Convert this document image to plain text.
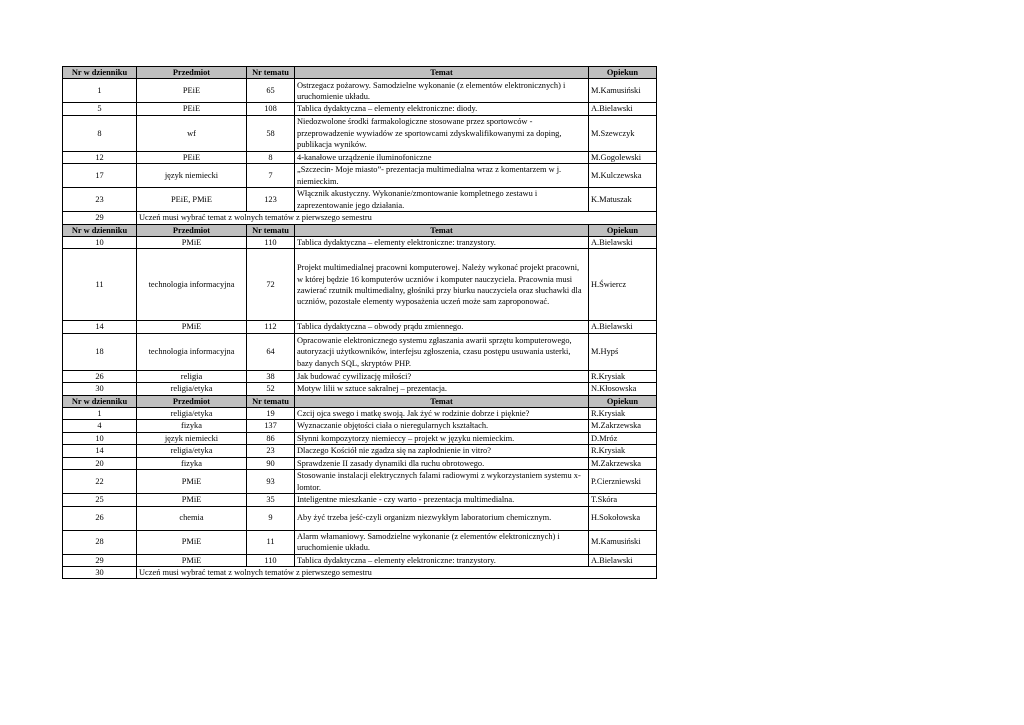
Nr w dzienniku	Przedmiot	Nr tematu	Temat	Opiekun
1	PEiE	65	Ostrzegacz pożarowy. Samodzielne wykonanie (z elementów elektronicznych) i uruchomienie układu.	M.Kamusiński
5	PEiE	108	Tablica dydaktyczna – elementy elektroniczne: diody.	A.Bielawski
8	wf	58	Niedozwolone środki farmakologiczne stosowane przez sportowców - przeprowadzenie wywiadów ze sportowcami zdyskwalifikowanymi za doping, publikacja wyników.	M.Szewczyk
12	PEiE	8	4-kanałowe urządzenie iluminofoniczne	M.Gogolewski
17	język niemiecki	7	„Szczecin- Moje miasto”- prezentacja multimedialna wraz z komentarzem w j. niemieckim.	M.Kulczewska
23	PEiE, PMiE	123	Włącznik akustyczny. Wykonanie/zmontowanie kompletnego zestawu i zaprezentowanie jego działania.	K.Matuszak
29	Uczeń musi wybrać temat z wolnych tematów z pierwszego semestru			
Nr w dzienniku	Przedmiot	Nr tematu	Temat	Opiekun
10	PMiE	110	Tablica dydaktyczna – elementy elektroniczne: tranzystory.	A.Bielawski
11	technologia informacyjna	72	Projekt multimedialnej pracowni komputerowej. Należy wykonać projekt pracowni, w której będzie 16 komputerów uczniów i komputer nauczyciela. Pracownia musi zawierać rzutnik multimedialny, głośniki przy biurku nauczyciela oraz słuchawki dla uczniów, pozostałe elementy wyposażenia uczeń może sam zaproponować.	H.Świercz
14	PMiE	112	Tablica dydaktyczna – obwody prądu zmiennego.	A.Bielawski
18	technologia informacyjna	64	Opracowanie elektronicznego systemu zgłaszania awarii sprzętu komputerowego, autoryzacji użytkowników, interfejsu zgłoszenia, czasu postępu usuwania usterki, bazy danych SQL, skryptów PHP.	M.Hypś
26	religia	38	Jak budować cywilizację miłości?	R.Krysiak
30	religia/etyka	52	Motyw lilii w sztuce sakralnej – prezentacja.	N.Kłosowska
Nr w dzienniku	Przedmiot	Nr tematu	Temat	Opiekun
1	religia/etyka	19	Czcij ojca swego i matkę swoją. Jak żyć w rodzinie dobrze i pięknie?	R.Krysiak
4	fizyka	137	Wyznaczanie objętości ciała o nieregularnych kształtach.	M.Zakrzewska
10	język niemiecki	86	Słynni kompozytorzy niemieccy – projekt w języku niemieckim.	D.Mróz
14	religia/etyka	23	Dlaczego Kościół nie zgadza się na zapłodnienie in vitro?	R.Krysiak
20	fizyka	90	Sprawdzenie II zasady dynamiki dla ruchu obrotowego.	M.Zakrzewska
22	PMiE	93	Stosowanie instalacji elektrycznych falami radiowymi z wykorzystaniem systemu x-lomtor.	P.Cierzniewski
25	PMiE	35	Inteligentne mieszkanie - czy warto - prezentacja multimedialna.	T.Skóra
26	chemia	9	Aby żyć trzeba jeść-czyli organizm niezwykłym laboratorium chemicznym.	H.Sokołowska
28	PMiE	11	Alarm włamaniowy. Samodzielne wykonanie (z elementów elektronicznych) i uruchomienie układu.	M.Kamusiński
29	PMiE	110	Tablica dydaktyczna – elementy elektroniczne: tranzystory.	A.Bielawski
30	Uczeń musi wybrać temat z wolnych tematów z pierwszego semestru			
